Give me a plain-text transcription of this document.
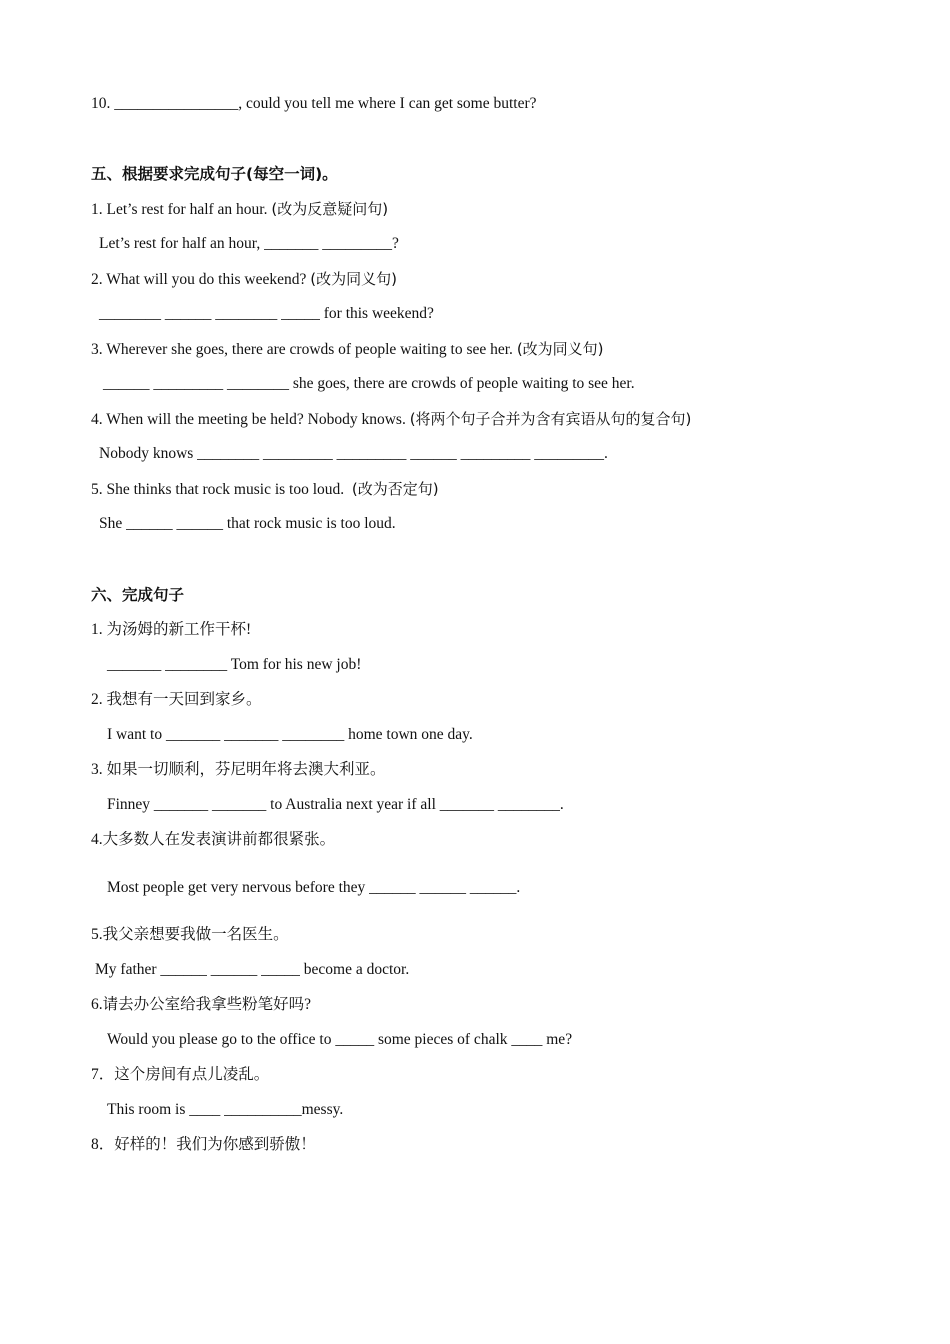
10. ________________, could you tell me where I can get some butter?
五、根据要求完成句子(每空一词)。
1. Let’s rest for half an hour. (改为反意疑问句)
Let’s rest for half an hour, _______ _________?
2. What will you do this weekend? (改为同义句)
________ ______ ________ _____ for this weekend?
3. Wherever she goes, there are crowds of people waiting to see her. (改为同义句)
______ _________ ________ she goes, there are crowds of people waiting to see her.
4. When will the meeting be held? Nobody knows. (将两个句子合并为含有宾语从句的复合句)
Nobody knows ________ _________ _________ ______ _________ _________.
5. She thinks that rock music is too loud.  (改为否定句)
She ______ ______ that rock music is too loud.
六、完成句子
1. 为汤姆的新工作干杯!
_______ ________ Tom for his new job!
2. 我想有一天回到家乡。
I want to _______ _______ ________ home town one day.
3. 如果一切顺利，芬尼明年将去澳大利亚。
Finney _______ _______ to Australia next year if all _______ ________.
4.大多数人在发表演讲前都很紧张。
Most people get very nervous before they ______ ______ ______.
5.我父亲想要我做一名医生。
My father ______ ______ _____ become a doctor.
6.请去办公室给我拿些粉笔好吗?
Would you please go to the office to _____ some pieces of chalk ____ me?
7．这个房间有点儿凌乱。
This room is ____ __________messy.
8．好样的！我们为你感到骄傲！
